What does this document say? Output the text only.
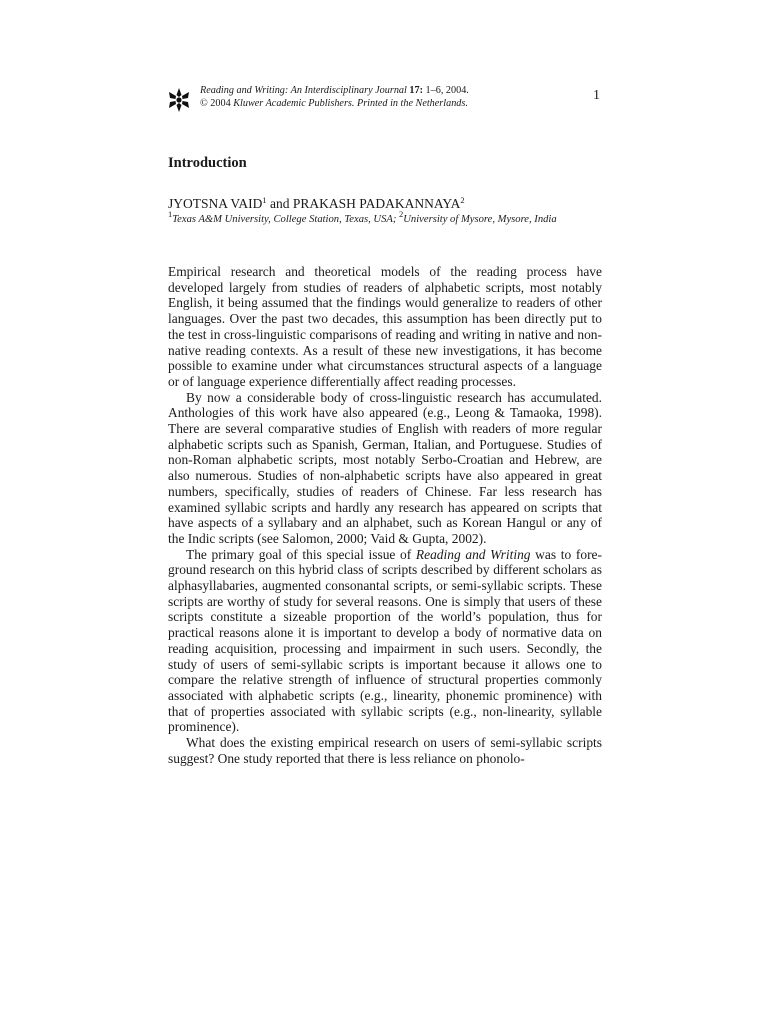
Reading and Writing: An Interdisciplinary Journal 17: 1–6, 2004.
© 2004 Kluwer Academic Publishers. Printed in the Netherlands.
1
Introduction
JYOTSNA VAID$^1$ and PRAKASH PADAKANNAYA$^2$
$^1$Texas A&M University, College Station, Texas, USA; $^2$University of Mysore, Mysore, India

Empirical research and theoretical models of the reading process have developed largely from studies of readers of alphabetic scripts, most notably English, it being assumed that the findings would generalize to readers of other languages. Over the past two decades, this assumption has been directly put to the test in cross-linguistic comparisons of reading and writing in native and non-native reading contexts. As a result of these new investigations, it has become possible to examine under what circumstances structural aspects of a language or of language experience differentially affect reading processes.

By now a considerable body of cross-linguistic research has accumulated. Anthologies of this work have also appeared (e.g., Leong & Tamaoka, 1998). There are several comparative studies of English with readers of more regular alphabetic scripts such as Spanish, German, Italian, and Portuguese. Studies of non-Roman alphabetic scripts, most notably Serbo-Croatian and Hebrew, are also numerous. Studies of non-alphabetic scripts have also appeared in great numbers, specifically, studies of readers of Chinese. Far less research has examined syllabic scripts and hardly any research has appeared on scripts that have aspects of a syllabary and an alphabet, such as Korean Hangul or any of the Indic scripts (see Salomon, 2000; Vaid & Gupta, 2002).

The primary goal of this special issue of Reading and Writing was to foreground research on this hybrid class of scripts described by different scholars as alphasyllabaries, augmented consonantal scripts, or semi-syllabic scripts. These scripts are worthy of study for several reasons. One is simply that users of these scripts constitute a sizeable proportion of the world’s population, thus for practical reasons alone it is important to develop a body of normative data on reading acquisition, processing and impairment in such users. Secondly, the study of users of semi-syllabic scripts is important because it allows one to compare the relative strength of influence of structural properties commonly associated with alphabetic scripts (e.g., linearity, phonemic prominence) with that of properties associated with syllabic scripts (e.g., non-linearity, syllable prominence).

What does the existing empirical research on users of semi-syllabic scripts suggest? One study reported that there is less reliance on phonolo-
